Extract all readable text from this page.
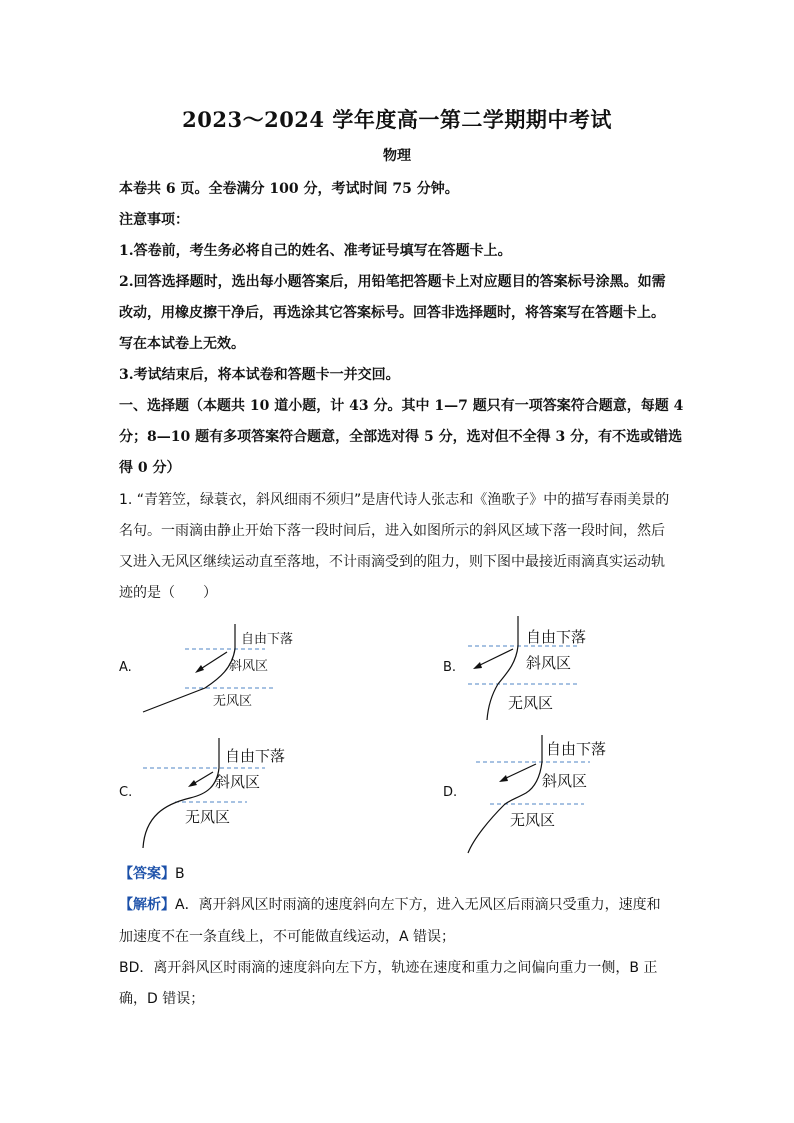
2023～2024 学年度高一第二学期期中考试
物理
本卷共 6 页。全卷满分 100 分，考试时间 75 分钟。
注意事项：
1.答卷前，考生务必将自己的姓名、准考证号填写在答题卡上。
2.回答选择题时，选出每小题答案后，用铅笔把答题卡上对应题目的答案标号涂黑。如需
改动，用橡皮擦干净后，再选涂其它答案标号。回答非选择题时，将答案写在答题卡上。
写在本试卷上无效。
3.考试结束后，将本试卷和答题卡一并交回。
一、选择题（本题共 10 道小题，计 43 分。其中 1—7 题只有一项答案符合题意，每题 4
分；8—10 题有多项答案符合题意，全部选对得 5 分，选对但不全得 3 分，有不选或错选
得 0 分）
1. “青箬笠，绿蓑衣，斜风细雨不须归”是唐代诗人张志和《渔歌子》中的描写春雨美景的
名句。一雨滴由静止开始下落一段时间后，进入如图所示的斜风区域下落一段时间，然后
又进入无风区继续运动直至落地，不计雨滴受到的阻力，则下图中最接近雨滴真实运动轨
迹的是（　　）
A.	B.
C.	D.
自由下落
斜风区
无风区
自由下落
斜风区
无风区
自由下落
斜风区
无风区
自由下落
斜风区
无风区
【答案】B
【解析】A．离开斜风区时雨滴的速度斜向左下方，进入无风区后雨滴只受重力，速度和
加速度不在一条直线上，不可能做直线运动，A 错误；
BD．离开斜风区时雨滴的速度斜向左下方，轨迹在速度和重力之间偏向重力一侧，B 正
确，D 错误；
